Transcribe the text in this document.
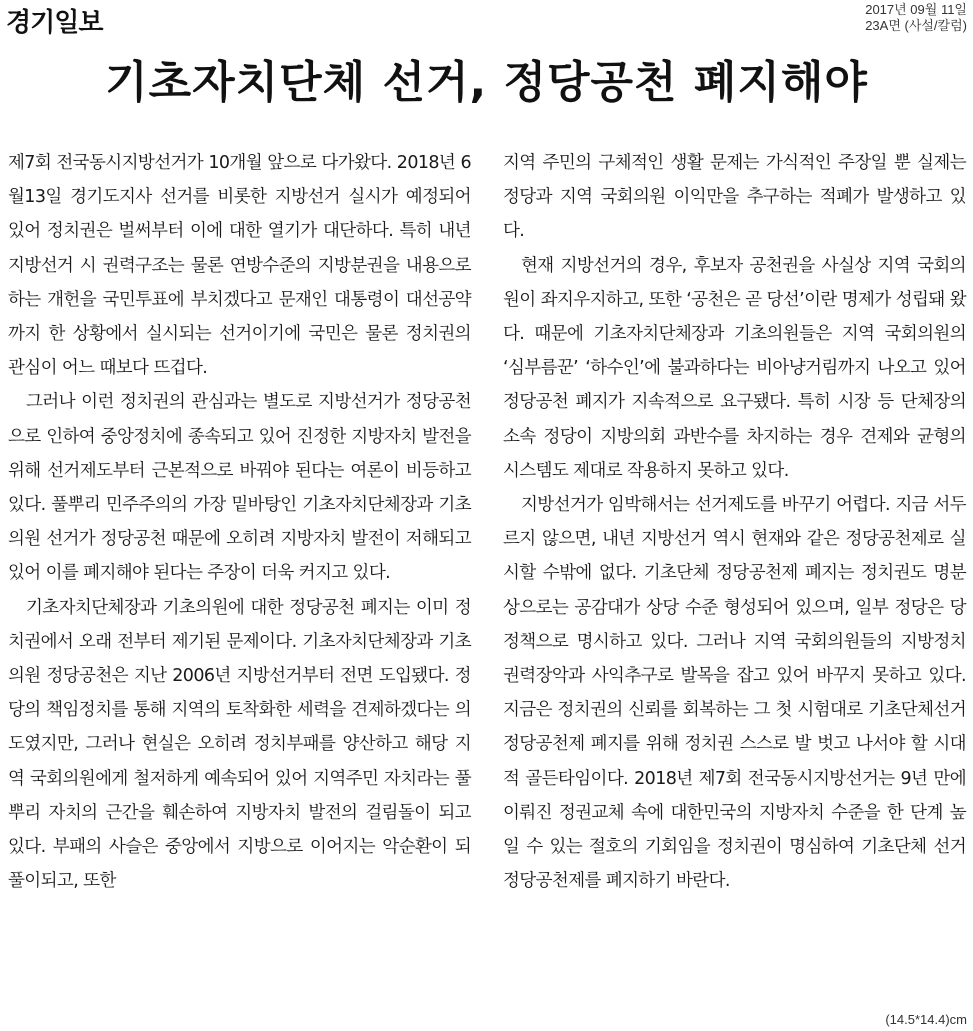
경기일보	2017년 09월 11일
23A면 (사설/칼럼)
기초자치단체 선거, 정당공천 폐지해야

제7회 전국동시지방선거가 10개월 앞으로 다가왔다. 2018년 6월13일 경기도지사 선거를 비롯한 지방선거 실시가 예정되어 있어 정치권은 벌써부터 이에 대한 열기가 대단하다. 특히 내년 지방선거 시 권력구조는 물론 연방수준의 지방분권을 내용으로 하는 개헌을 국민투표에 부치겠다고 문재인 대통령이 대선공약까지 한 상황에서 실시되는 선거이기에 국민은 물론 정치권의 관심이 어느 때보다 뜨겁다.

그러나 이런 정치권의 관심과는 별도로 지방선거가 정당공천으로 인하여 중앙정치에 종속되고 있어 진정한 지방자치 발전을 위해 선거제도부터 근본적으로 바꿔야 된다는 여론이 비등하고 있다. 풀뿌리 민주주의의 가장 밑바탕인 기초자치단체장과 기초의원 선거가 정당공천 때문에 오히려 지방자치 발전이 저해되고 있어 이를 폐지해야 된다는 주장이 더욱 커지고 있다.

기초자치단체장과 기초의원에 대한 정당공천 폐지는 이미 정치권에서 오래 전부터 제기된 문제이다. 기초자치단체장과 기초의원 정당공천은 지난 2006년 지방선거부터 전면 도입됐다. 정당의 책임정치를 통해 지역의 토착화한 세력을 견제하겠다는 의도였지만, 그러나 현실은 오히려 정치부패를 양산하고 해당 지역 국회의원에게 철저하게 예속되어 있어 지역주민 자치라는 풀뿌리 자치의 근간을 훼손하여 지방자치 발전의 걸림돌이 되고 있다. 부패의 사슬은 중앙에서 지방으로 이어지는 악순환이 되풀이되고, 또한

지역 주민의 구체적인 생활 문제는 가식적인 주장일 뿐 실제는 정당과 지역 국회의원 이익만을 추구하는 적폐가 발생하고 있다.

현재 지방선거의 경우, 후보자 공천권을 사실상 지역 국회의원이 좌지우지하고, 또한 ‘공천은 곧 당선’이란 명제가 성립돼 왔다. 때문에 기초자치단체장과 기초의원들은 지역 국회의원의 ‘심부름꾼’ ‘하수인’에 불과하다는 비아냥거림까지 나오고 있어 정당공천 폐지가 지속적으로 요구됐다. 특히 시장 등 단체장의 소속 정당이 지방의회 과반수를 차지하는 경우 견제와 균형의 시스템도 제대로 작용하지 못하고 있다.

지방선거가 임박해서는 선거제도를 바꾸기 어렵다. 지금 서두르지 않으면, 내년 지방선거 역시 현재와 같은 정당공천제로 실시할 수밖에 없다. 기초단체 정당공천제 폐지는 정치권도 명분상으로는 공감대가 상당 수준 형성되어 있으며, 일부 정당은 당 정책으로 명시하고 있다. 그러나 지역 국회의원들의 지방정치 권력장악과 사익추구로 발목을 잡고 있어 바꾸지 못하고 있다. 지금은 정치권의 신뢰를 회복하는 그 첫 시험대로 기초단체선거 정당공천제 폐지를 위해 정치권 스스로 발 벗고 나서야 할 시대적 골든타임이다. 2018년 제7회 전국동시지방선거는 9년 만에 이뤄진 정권교체 속에 대한민국의 지방자치 수준을 한 단계 높일 수 있는 절호의 기회임을 정치권이 명심하여 기초단체 선거 정당공천제를 폐지하기 바란다.

(14.5*14.4)cm
